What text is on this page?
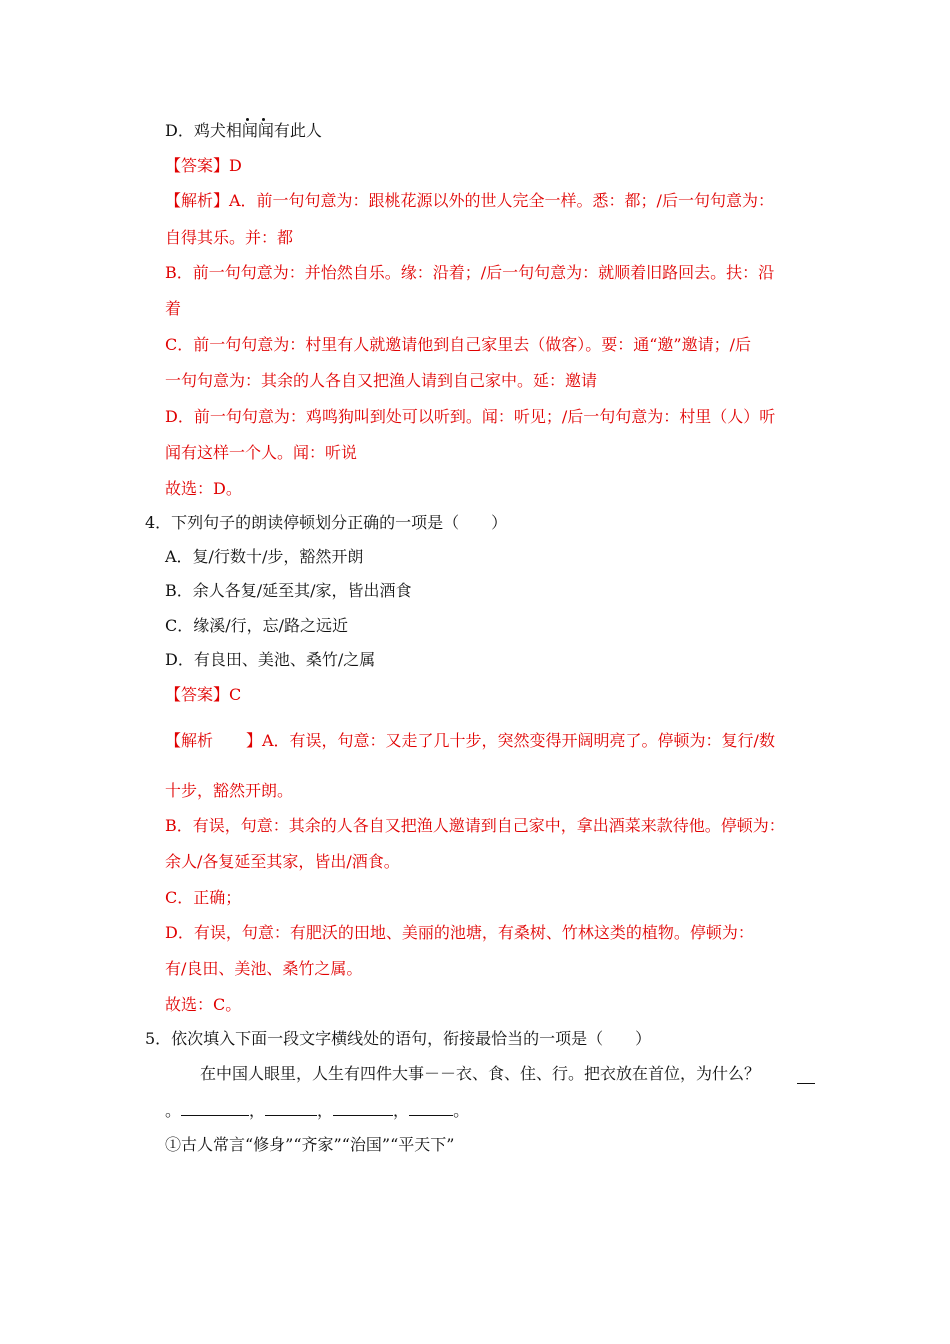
D．鸡犬相闻闻有此人
【答案】D
【解析】A．前一句句意为：跟桃花源以外的世人完全一样。悉：都；/后一句句意为：
自得其乐。并：都
B．前一句句意为：并怡然自乐。缘：沿着；/后一句句意为：就顺着旧路回去。扶：沿
着
C．前一句句意为：村里有人就邀请他到自己家里去（做客）。要：通“邀”邀请；/后
一句句意为：其余的人各自又把渔人请到自己家中。延：邀请
D．前一句句意为：鸡鸣狗叫到处可以听到。闻：听见；/后一句句意为：村里（人）听
闻有这样一个人。闻：听说
故选：D。
4．下列句子的朗读停顿划分正确的一项是（　　）
A．复/行数十/步，豁然开朗
B．余人各复/延至其/家，皆出酒食
C．缘溪/行，忘/路之远近
D．有良田、美池、桑竹/之属
【答案】C
【解析 】A．有误，句意：又走了几十步，突然变得开阔明亮了。停顿为：复行/数
十步，豁然开朗。
B．有误，句意：其余的人各自又把渔人邀请到自己家中，拿出酒菜来款待他。停顿为：
余人/各复延至其家，皆出/酒食。
C．正确；
D．有误，句意：有肥沃的田地、美丽的池塘，有桑树、竹林这类的植物。停顿为：
有/良田、美池、桑竹之属。
故选：C。
5．依次填入下面一段文字横线处的语句，衔接最恰当的一项是（　　）
在中国人眼里，人生有四件大事－－衣、食、住、行。把衣放在首位，为什么？
。	，	，	，	。
①古人常言“修身”“齐家”“治国”“平天下”
